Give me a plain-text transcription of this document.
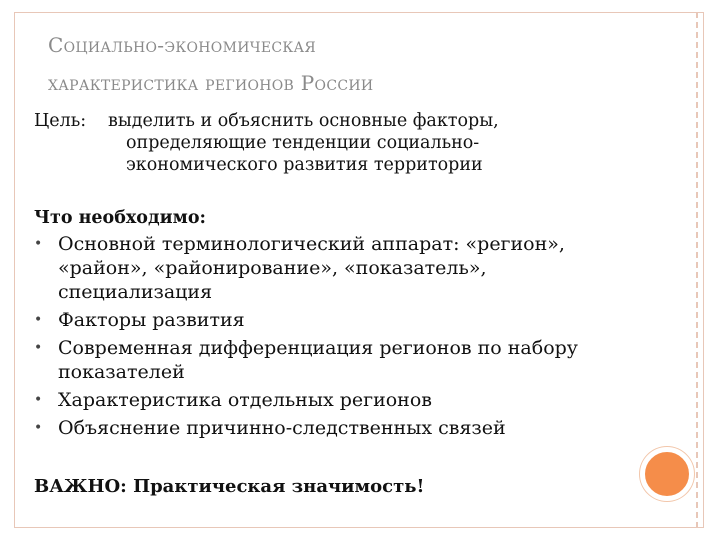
Социально-экономическая
характеристика регионов России
Цель: выделить и объяснить основные факторы,
определяющие тенденции социально-
экономического развития территории
Что необходимо:
• Основной терминологический аппарат: «регион»,
«район», «районирование», «показатель»,
специализация
• Факторы развития
• Современная дифференциация регионов по набору
показателей
• Характеристика отдельных регионов
• Объяснение причинно-следственных связей
ВАЖНО: Практическая значимость!
